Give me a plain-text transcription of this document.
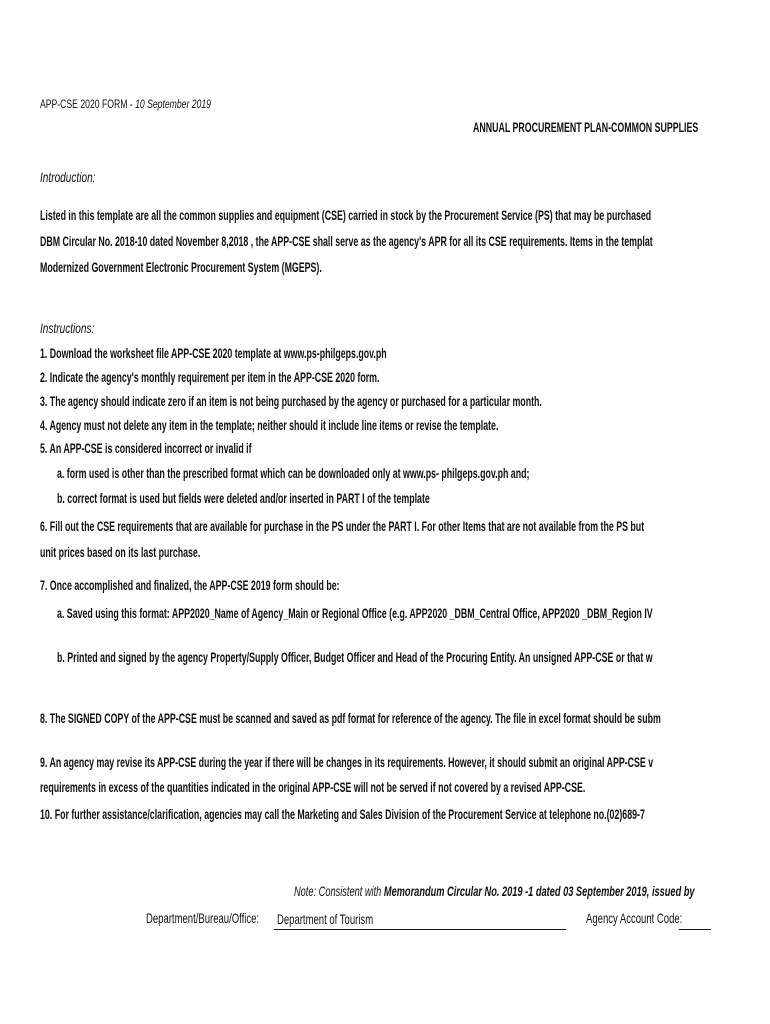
APP-CSE 2020 FORM - 10 September 2019
ANNUAL PROCUREMENT PLAN-COMMON SUPPLIES
Introduction:
Listed in this template are all the common supplies and equipment (CSE) carried in stock by the Procurement Service (PS) that may be purchased
DBM Circular No. 2018-10 dated November 8,2018 , the APP-CSE shall serve as the agency's APR for all its CSE requirements. Items in the templat
Modernized Government Electronic Procurement System (MGEPS).
Instructions:
1. Download the worksheet file APP-CSE 2020 template at www.ps-philgeps.gov.ph
2. Indicate the agency's monthly requirement per item in the APP-CSE 2020 form.
3. The agency should indicate zero if an item is not being purchased by the agency or purchased for a particular month.
4. Agency must not delete any item in the template; neither should it include line items or revise the template.
5. An APP-CSE is considered incorrect or invalid if
a. form used is other than the prescribed format which can be downloaded only at www.ps- philgeps.gov.ph and;
b. correct format is used but fields were deleted and/or inserted in PART I of the template
6. Fill out the CSE requirements that are available for purchase in the PS under the PART I. For other Items that are not available from the PS but
unit prices based on its last purchase.
7. Once accomplished and finalized, the APP-CSE 2019 form should be:
a. Saved using this format: APP2020_Name of Agency_Main or Regional Office (e.g. APP2020 _DBM_Central Office, APP2020 _DBM_Region IV
b. Printed and signed by the agency Property/Supply Officer, Budget Officer and Head of the Procuring Entity. An unsigned APP-CSE or that w
8. The SIGNED COPY of the APP-CSE must be scanned and saved as pdf format for reference of the agency. The file in excel format should be subm
9. An agency may revise its APP-CSE during the year if there will be changes in its requirements. However, it should submit an original APP-CSE v
requirements in excess of the quantities indicated in the original APP-CSE will not be served if not covered by a revised APP-CSE.
10. For further assistance/clarification, agencies may call the Marketing and Sales Division of the Procurement Service at telephone no.(02)689-7
Note: Consistent with Memorandum Circular No. 2019 -1 dated 03 September 2019, issued by
Department/Bureau/Office:	Department of Tourism	Agency Account Code:
